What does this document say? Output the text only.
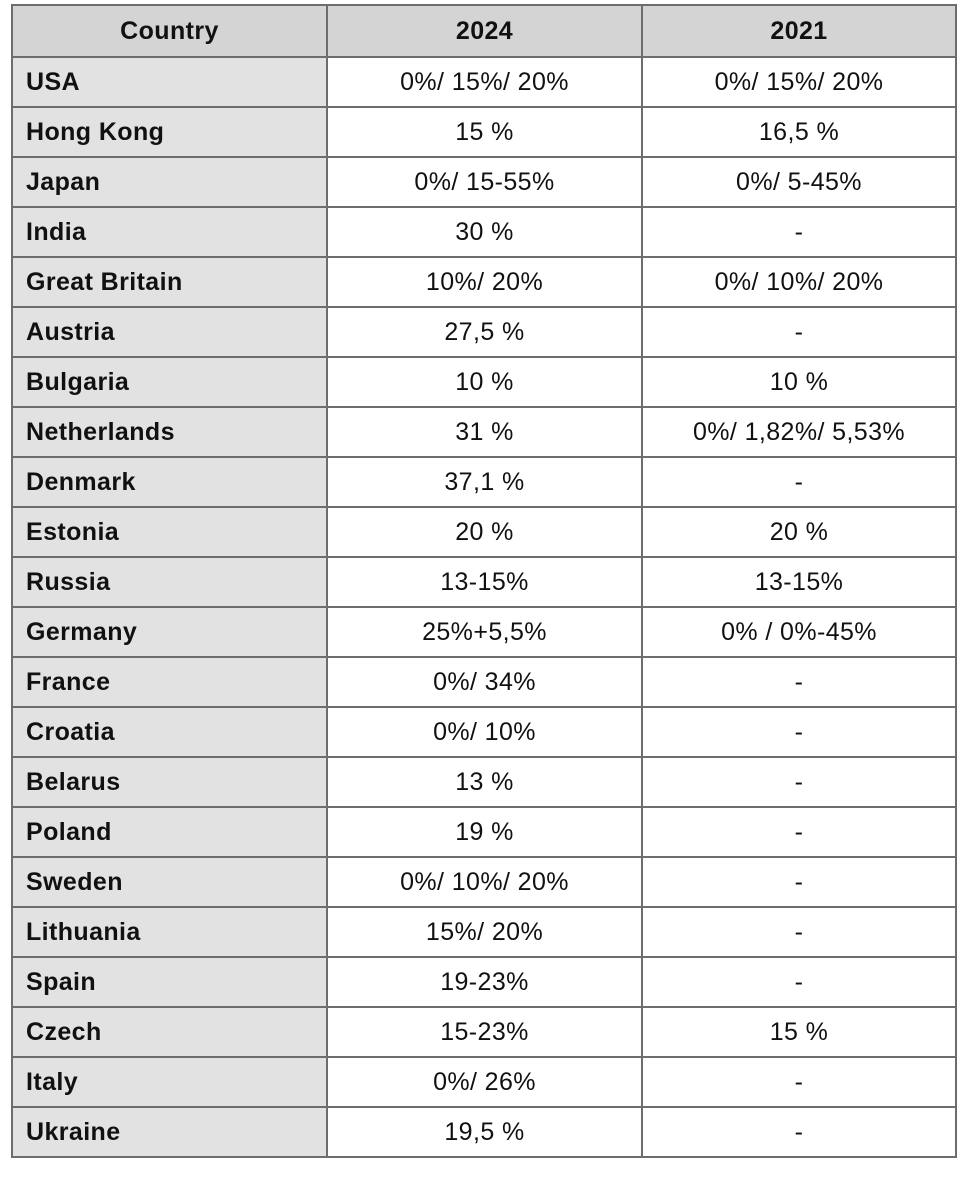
Country	2024	2021
USA	0%/ 15%/ 20%	0%/ 15%/ 20%
Hong Kong	15 %	16,5 %
Japan	0%/ 15-55%	0%/ 5-45%
India	30 %	-
Great Britain	10%/ 20%	0%/ 10%/ 20%
Austria	27,5 %	-
Bulgaria	10 %	10 %
Netherlands	31 %	0%/ 1,82%/ 5,53%
Denmark	37,1 %	-
Estonia	20 %	20 %
Russia	13-15%	13-15%
Germany	25%+5,5%	0% / 0%-45%
France	0%/ 34%	-
Croatia	0%/ 10%	-
Belarus	13 %	-
Poland	19 %	-
Sweden	0%/ 10%/ 20%	-
Lithuania	15%/ 20%	-
Spain	19-23%	-
Czech	15-23%	15 %
Italy	0%/ 26%	-
Ukraine	19,5 %	-
